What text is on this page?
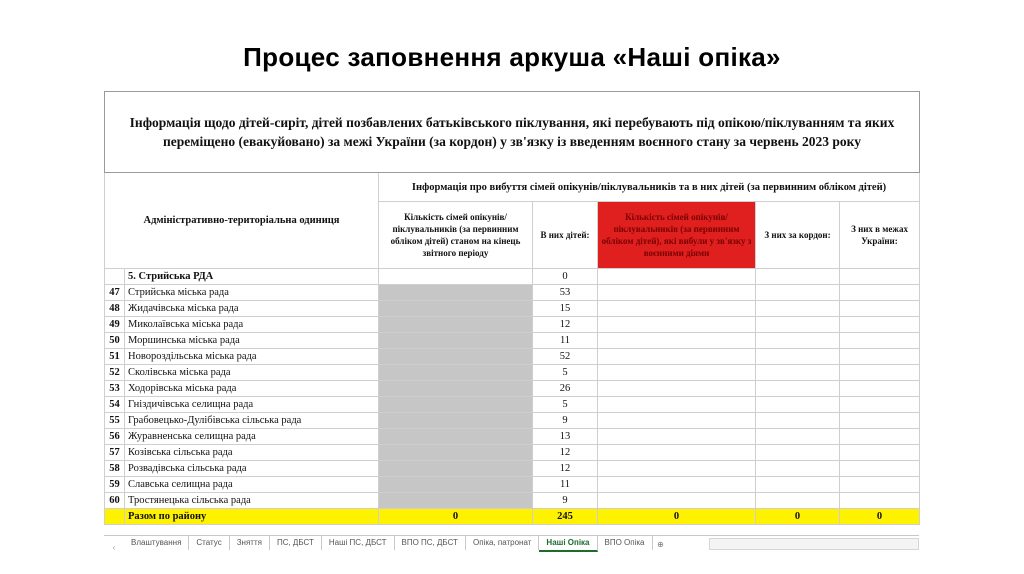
Процес заповнення аркуша «Наші опіка»
Інформація щодо дітей-сиріт, дітей позбавлених батьківського піклування, які перебувають під опікою/піклуванням та яких переміщено (евакуйовано) за межі України (за кордон) у зв'язку із введенням воєнного стану за червень 2023 року						
Адміністративно-територіальна одиниця		Інформація про вибуття сімей опікунів/піклувальників та в них дітей (за первинним обліком дітей)				
		Кількість сімей опікунів/піклувальників (за первинним обліком дітей) станом на кінець звітного періоду	В них дітей:	Кількість сімей опікунів/піклувальників (за первинним обліком дітей), які вибули у зв'язку з воєнними діями	З них за кордон:	З них в межах України:
	5. Стрийська РДА		0			
47	Стрийська міська рада		53			
48	Жидачівська міська рада		15			
49	Миколаївська міська рада		12			
50	Моршинська міська рада		11			
51	Новороздільська міська рада		52			
52	Сколівська міська рада		5			
53	Ходорівська міська рада		26			
54	Гніздичівська селищна рада		5			
55	Грабовецько-Дулібівська сільська рада		9			
56	Журавненська селищна рада		13			
57	Козівська сільська рада		12			
58	Розвадівська сільська рада		12			
59	Славська селищна рада		11			
60	Тростянецька сільська рада		9			
	Разом по району	0	245	0	0	0
‹
Влаштування	Статус	Зняття	ПС, ДБСТ	Наші ПС, ДБСТ	ВПО ПС, ДБСТ	Опіка, патронат	Наші Опіка	ВПО Опіка	⊕
